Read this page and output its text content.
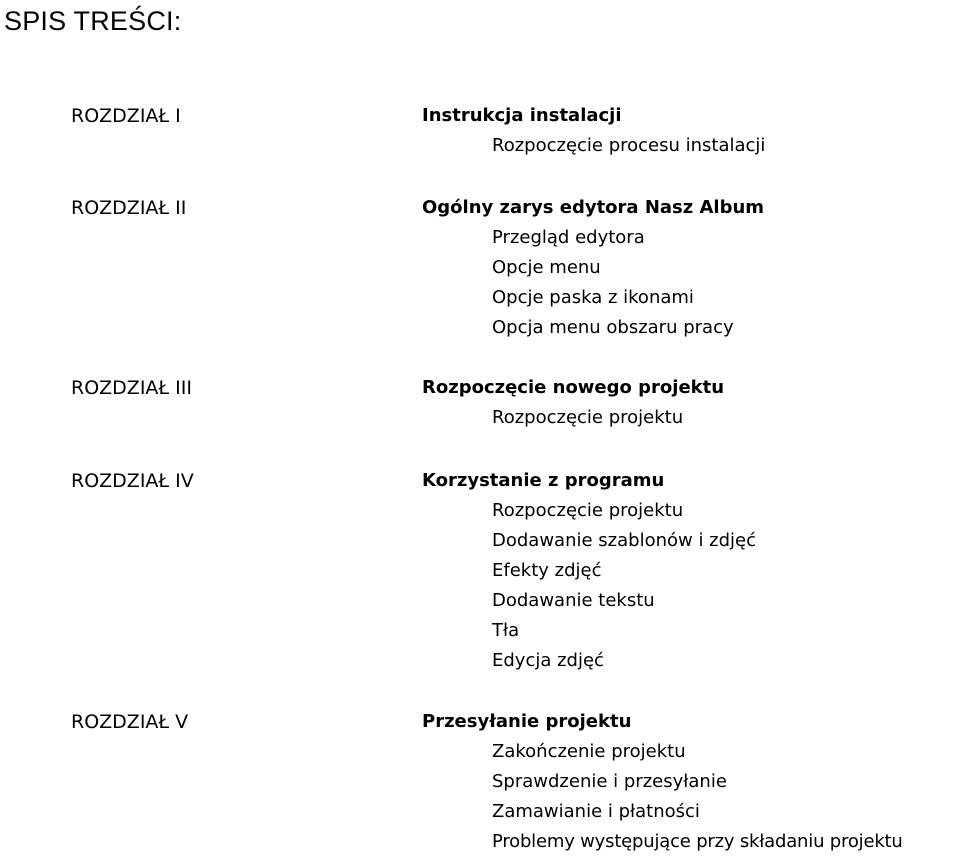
SPIS TREŚCI:
ROZDZIAŁ I	Instrukcja instalacji
Rozpoczęcie procesu instalacji
ROZDZIAŁ II	Ogólny zarys edytora Nasz Album
Przegląd edytora
Opcje menu
Opcje paska z ikonami
Opcja menu obszaru pracy
ROZDZIAŁ III	Rozpoczęcie nowego projektu
Rozpoczęcie projektu
ROZDZIAŁ IV	Korzystanie z programu
Rozpoczęcie projektu
Dodawanie szablonów i zdjęć
Efekty zdjęć
Dodawanie tekstu
Tła
Edycja zdjęć
ROZDZIAŁ V	Przesyłanie projektu
Zakończenie projektu
Sprawdzenie i przesyłanie
Zamawianie i płatności
Problemy występujące przy składaniu projektu
